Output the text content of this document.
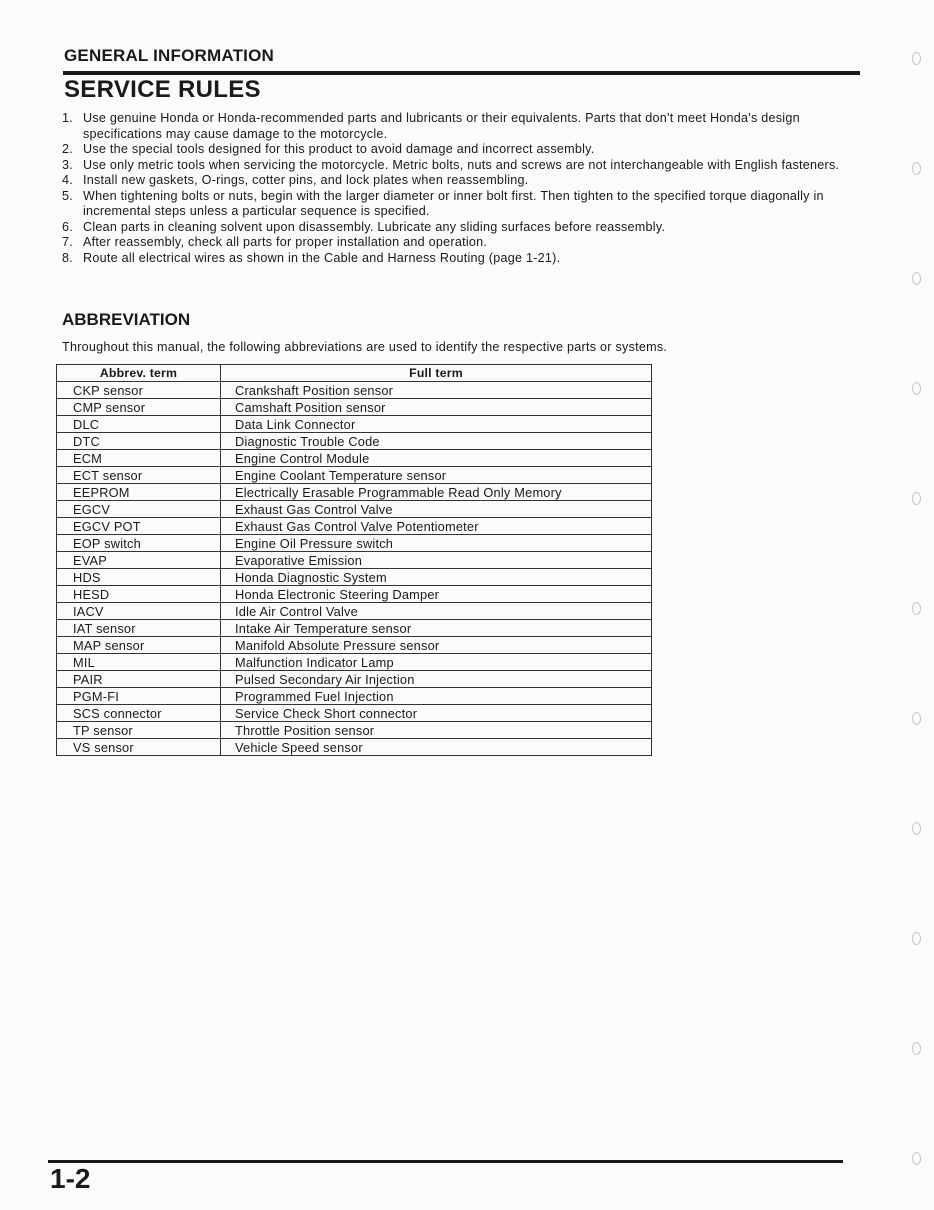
GENERAL INFORMATION
SERVICE RULES
1. Use genuine Honda or Honda-recommended parts and lubricants or their equivalents. Parts that don't meet Honda's design specifications may cause damage to the motorcycle.
2. Use the special tools designed for this product to avoid damage and incorrect assembly.
3. Use only metric tools when servicing the motorcycle. Metric bolts, nuts and screws are not interchangeable with English fasteners.
4. Install new gaskets, O-rings, cotter pins, and lock plates when reassembling.
5. When tightening bolts or nuts, begin with the larger diameter or inner bolt first. Then tighten to the specified torque diagonally in incremental steps unless a particular sequence is specified.
6. Clean parts in cleaning solvent upon disassembly. Lubricate any sliding surfaces before reassembly.
7. After reassembly, check all parts for proper installation and operation.
8. Route all electrical wires as shown in the Cable and Harness Routing (page 1-21).
ABBREVIATION
Throughout this manual, the following abbreviations are used to identify the respective parts or systems.
Abbrev. term	Full term
CKP sensor	Crankshaft Position sensor
CMP sensor	Camshaft Position sensor
DLC	Data Link Connector
DTC	Diagnostic Trouble Code
ECM	Engine Control Module
ECT sensor	Engine Coolant Temperature sensor
EEPROM	Electrically Erasable Programmable Read Only Memory
EGCV	Exhaust Gas Control Valve
EGCV POT	Exhaust Gas Control Valve Potentiometer
EOP switch	Engine Oil Pressure switch
EVAP	Evaporative Emission
HDS	Honda Diagnostic System
HESD	Honda Electronic Steering Damper
IACV	Idle Air Control Valve
IAT sensor	Intake Air Temperature sensor
MAP sensor	Manifold Absolute Pressure sensor
MIL	Malfunction Indicator Lamp
PAIR	Pulsed Secondary Air Injection
PGM-FI	Programmed Fuel Injection
SCS connector	Service Check Short connector
TP sensor	Throttle Position sensor
VS sensor	Vehicle Speed sensor
1-2
